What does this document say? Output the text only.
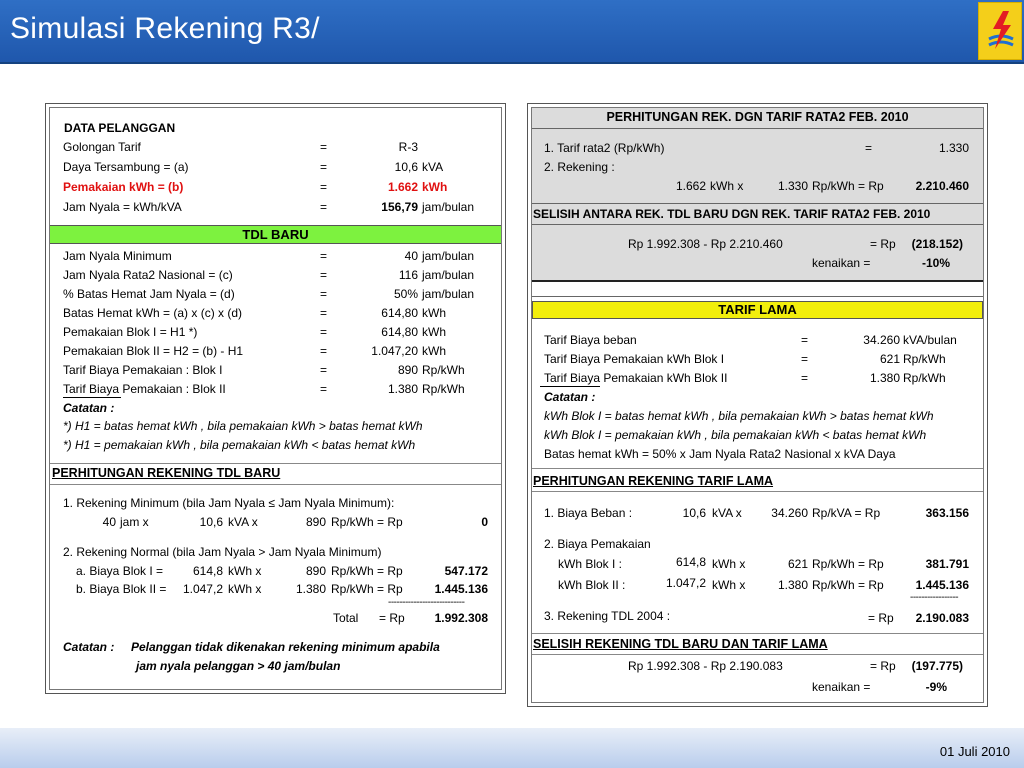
Simulasi Rekening R3/
DATA PELANGGAN
Golongan Tarif	=	R-3
Daya Tersambung = (a)	=	10,6 kVA
Pemakaian kWh = (b)	=	1.662 kWh
Jam Nyala = kWh/kVA	=	156,79 jam/bulan
TDL BARU
Jam Nyala Minimum	=	40 jam/bulan
Jam Nyala Rata2 Nasional = (c)	=	116 jam/bulan
% Batas Hemat Jam Nyala = (d)	=	50% jam/bulan
Batas Hemat kWh = (a) x (c) x (d)	=	614,80 kWh
Pemakaian Blok I = H1 *)	=	614,80 kWh
Pemakaian Blok II = H2 = (b) - H1	=	1.047,20 kWh
Tarif Biaya Pemakaian : Blok I	=	890 Rp/kWh
Tarif Biaya Pemakaian : Blok II	=	1.380 Rp/kWh
Catatan :
*) H1 = batas hemat kWh , bila pemakaian kWh > batas hemat kWh
*) H1 = pemakaian kWh , bila pemakaian kWh < batas hemat kWh
PERHITUNGAN REKENING TDL BARU
1. Rekening Minimum (bila Jam Nyala ≤ Jam Nyala Minimum):
40 jam x	10,6 kVA x	890 Rp/kWh = Rp	0
2. Rekening Normal (bila Jam Nyala > Jam Nyala Minimum)
a. Biaya Blok I =	614,8 kWh x	890 Rp/kWh = Rp	547.172
b. Biaya Blok II =	1.047,2 kWh x	1.380 Rp/kWh = Rp	1.445.136
---------------------------
Total = Rp	1.992.308
Catatan : Pelanggan tidak dikenakan rekening minimum apabila
jam nyala pelanggan > 40 jam/bulan
PERHITUNGAN REK. DGN TARIF RATA2 FEB. 2010
1. Tarif rata2 (Rp/kWh)	=	1.330
2. Rekening :
1.662 kWh x	1.330 Rp/kWh = Rp	2.210.460
SELISIH ANTARA REK. TDL BARU DGN REK. TARIF RATA2 FEB. 2010
Rp 1.992.308 - Rp 2.210.460	= Rp	(218.152)
kenaikan =	-10%
TARIF LAMA
Tarif Biaya beban	=	34.260 kVA/bulan
Tarif Biaya Pemakaian kWh Blok I	=	621 Rp/kWh
Tarif Biaya Pemakaian kWh Blok II	=	1.380 Rp/kWh
Catatan :
kWh Blok I = batas hemat kWh , bila pemakaian kWh > batas hemat kWh
kWh Blok I = pemakaian kWh , bila pemakaian kWh < batas hemat kWh
Batas hemat kWh = 50% x Jam Nyala Rata2 Nasional x kVA Daya
PERHITUNGAN REKENING TARIF LAMA
1. Biaya Beban :	10,6 kVA x	34.260 Rp/kVA = Rp	363.156
2. Biaya Pemakaian
kWh Blok I :	614,8 kWh x	621 Rp/kWh = Rp	381.791
kWh Blok II :	1.047,2 kWh x	1.380 Rp/kWh = Rp	1.445.136
-----------------
3. Rekening TDL 2004 :	= Rp	2.190.083
SELISIH REKENING TDL BARU DAN TARIF LAMA
Rp 1.992.308 - Rp 2.190.083	= Rp	(197.775)
kenaikan =	-9%
01 Juli 2010
